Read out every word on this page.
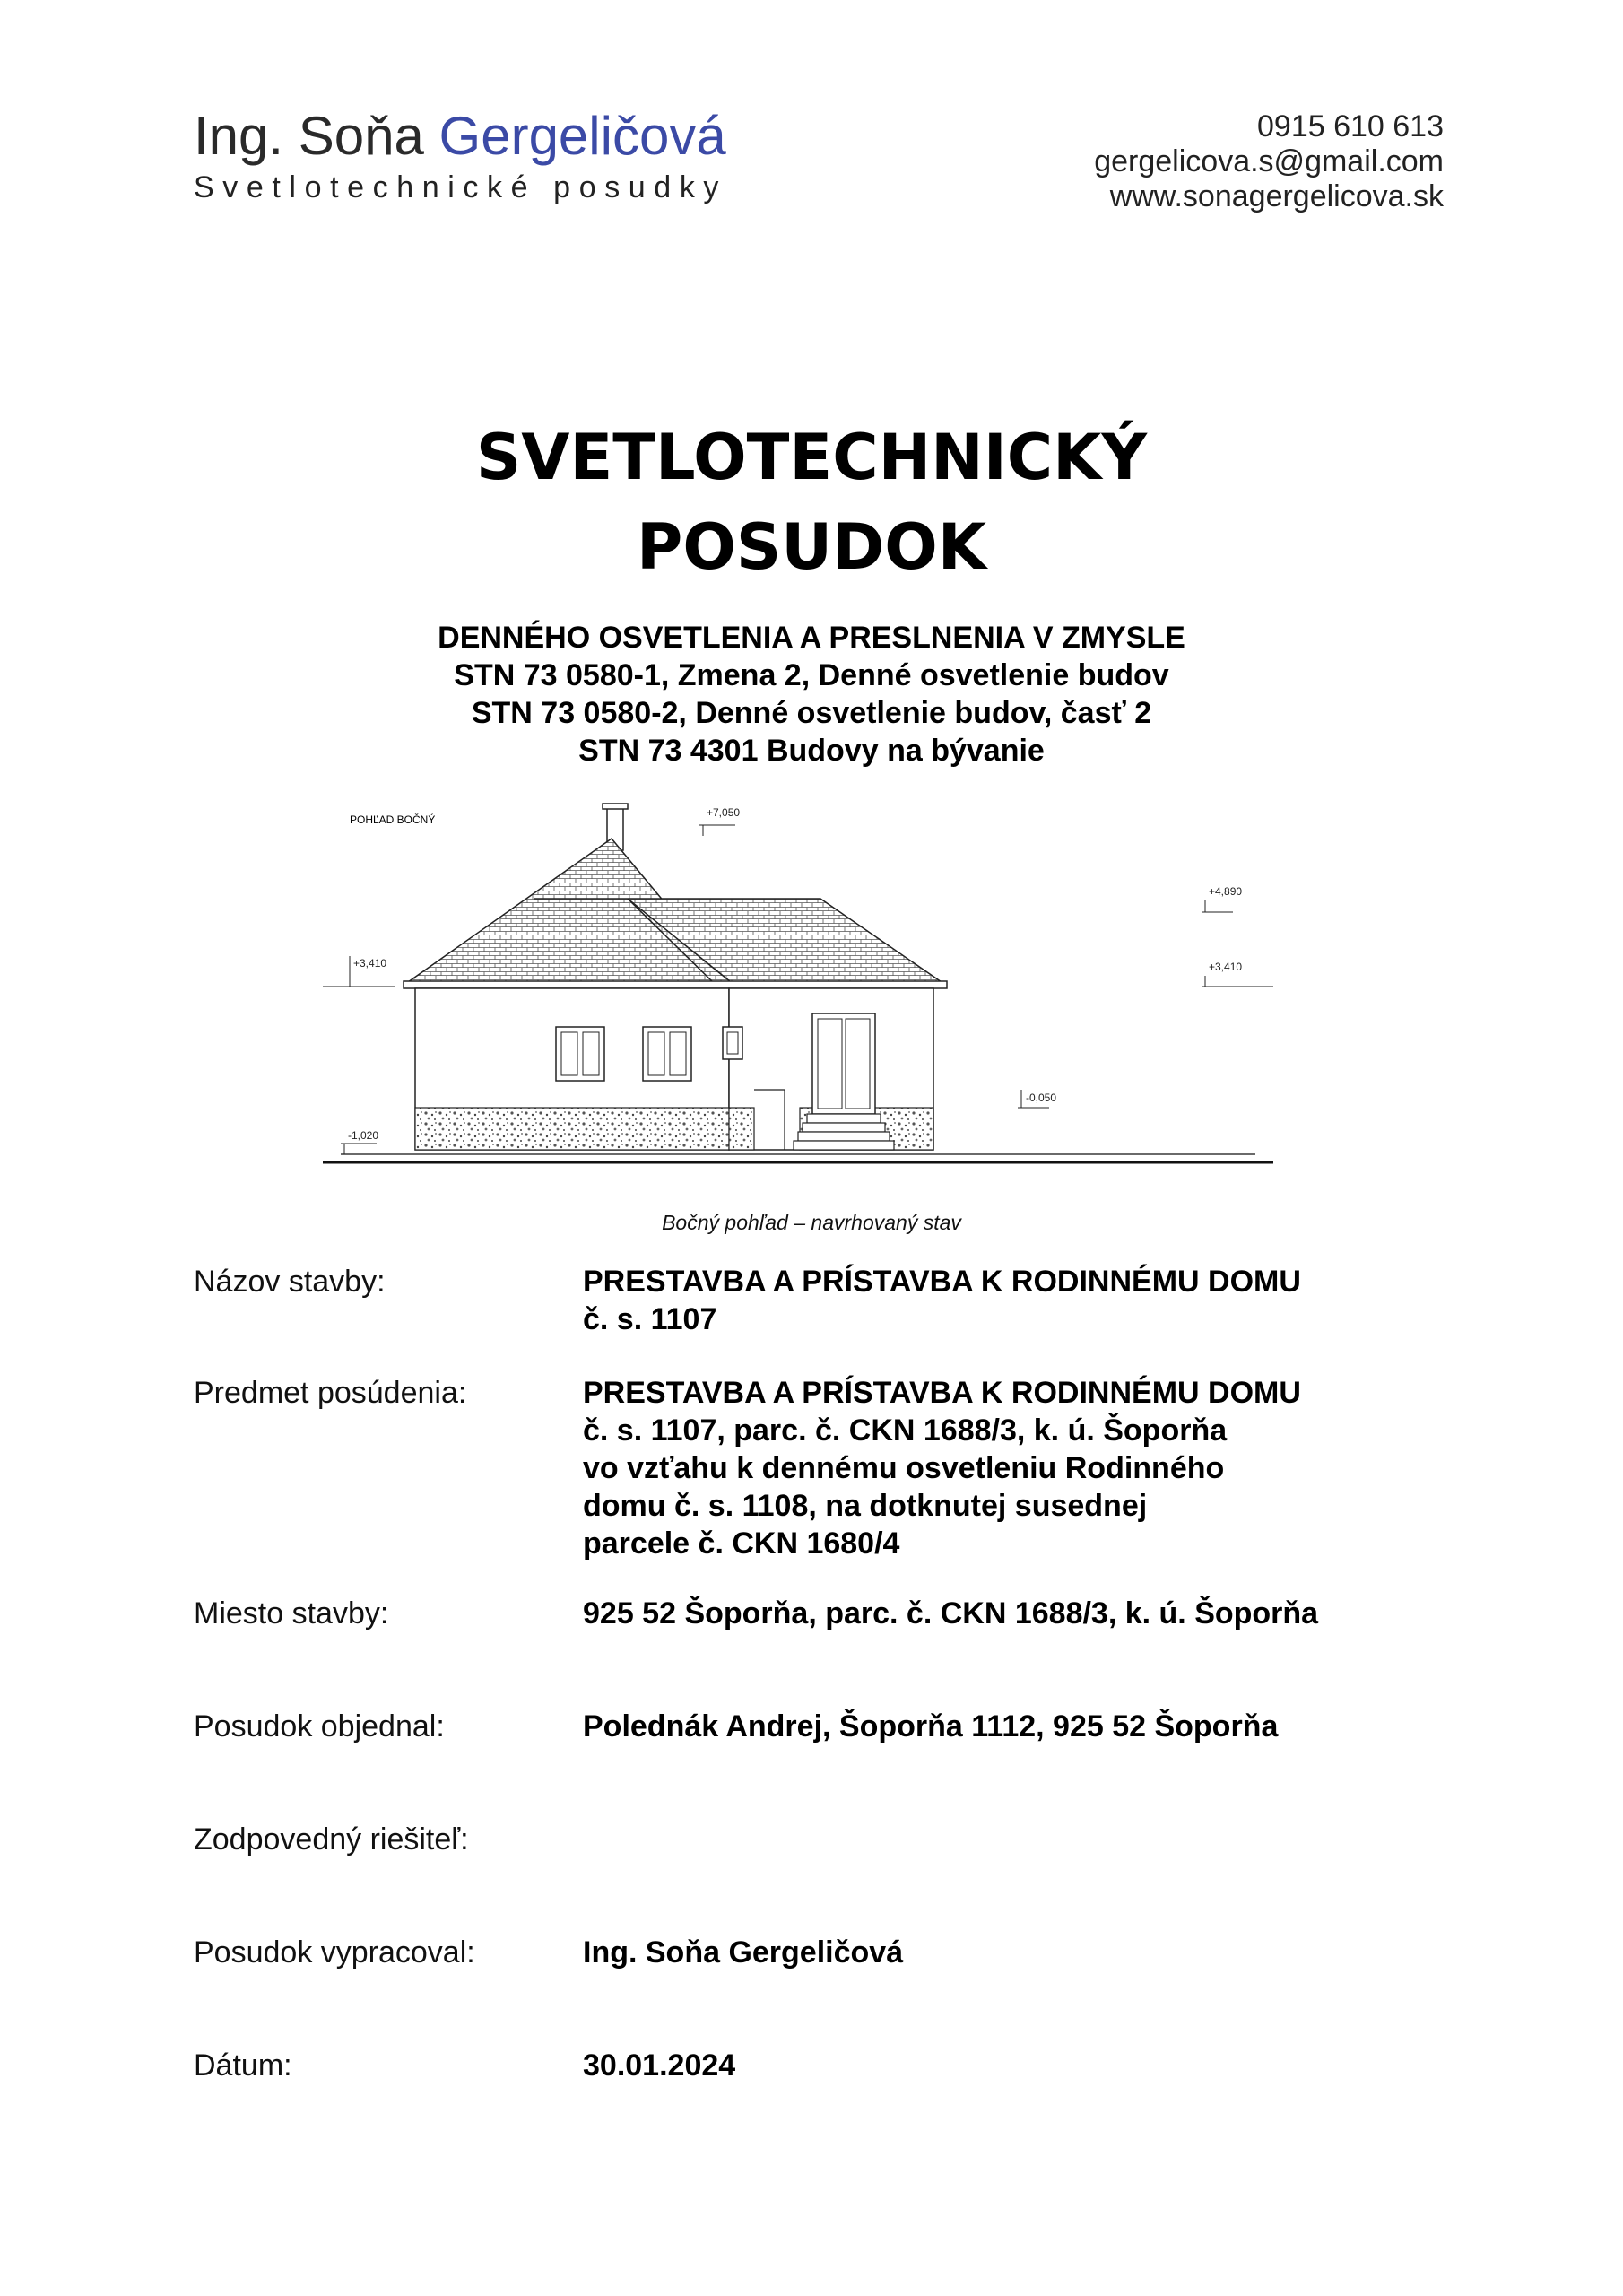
Ing. Soňa Gergeličová
Svetlotechnické posudky
0915 610 613
gergelicova.s@gmail.com
www.sonagergelicova.sk
SVETLOTECHNICKÝ
POSUDOK
DENNÉHO OSVETLENIA A PRESLNENIA V ZMYSLE
STN 73 0580-1, Zmena 2, Denné osvetlenie budov
STN 73 0580-2, Denné osvetlenie budov, časť 2
STN 73 4301 Budovy na bývanie
POHĽAD BOČNÝ
+7,050
+4,890
+3,410	+3,410
-0,050
-1,020
Bočný pohľad – navrhovaný stav
Názov stavby:	PRESTAVBA A PRÍSTAVBA K RODINNÉMU DOMU
č. s. 1107
Predmet posúdenia:	PRESTAVBA A PRÍSTAVBA K RODINNÉMU DOMU
č. s. 1107, parc. č. CKN 1688/3, k. ú. Šoporňa
vo vzťahu k dennému osvetleniu Rodinného
domu č. s. 1108, na dotknutej susednej
parcele č. CKN 1680/4
Miesto stavby:	925 52 Šoporňa, parc. č. CKN 1688/3, k. ú. Šoporňa
Posudok objednal:	Polednák Andrej, Šoporňa 1112, 925 52 Šoporňa
Zodpovedný riešiteľ:
Posudok vypracoval:	Ing. Soňa Gergeličová
Dátum:	30.01.2024
